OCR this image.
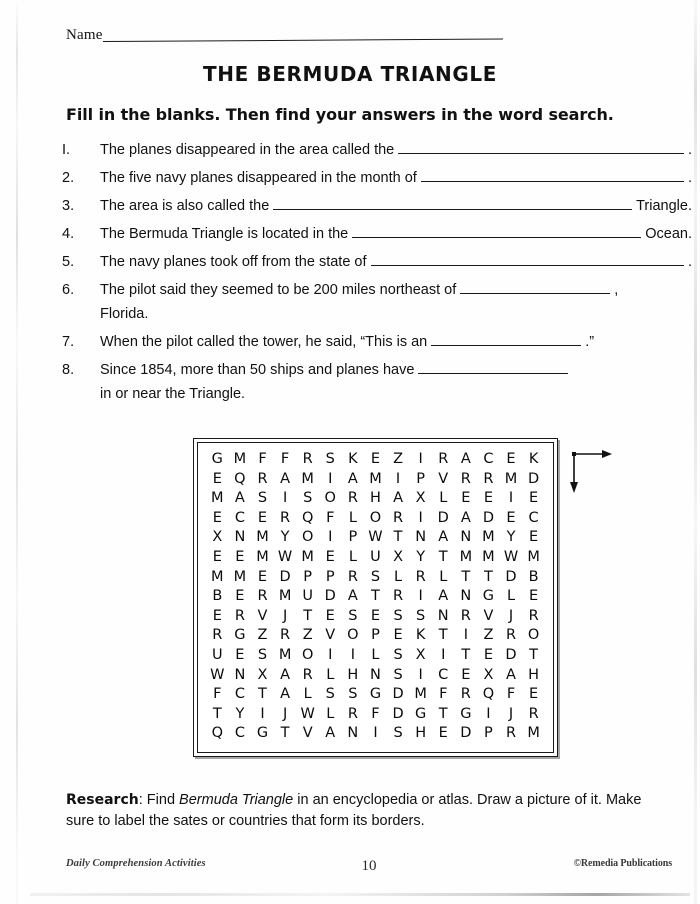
Name
THE BERMUDA TRIANGLE
Fill in the blanks. Then find your answers in the word search.
I.	The planes disappeared in the area called the	.
2.	The five navy planes disappeared in the month of	.
3.	The area is also called the	Triangle.
4.	The Bermuda Triangle is located in the	Ocean.
5.	The navy planes took off from the state of	.
6.	The pilot said they seemed to be 200 miles northeast of	,
Florida.
7.	When the pilot called the tower, he said, “This is an	.”
8.	Since 1854, more than 50 ships and planes have
in or near the Triangle.
G M F F R S K E Z	I	R A C E K
E Q R A M I	A M I	P V R R M D
M A S	I	S O R H A X L E E	I	E
E C E R Q F L O R	I	D A D E C
X N M Y O	I	P W T N A N M Y E
E E M W M E L U X Y T M M W M
M M E D P P R S L R L T T D B
B E R M U D A T R	I	A N G L E
E R V	J	T E S E S S N R V	J	R
R G Z R Z V O P E K T	I	Z R O
U E S M O	I	I	L S X	I	T E D T
W N X A R L H N S	I	C E X A H
F C T A L S S G D M F R Q F E
T Y	I	J W L R F D G T G	I	J	R
Q C G T V A N	I	S H E D P R M
Research: Find Bermuda Triangle in an encyclopedia or atlas. Draw a picture of it. Make sure to label the sates or countries that form its borders.
Daily Comprehension Activities	10	©Remedia Publications
